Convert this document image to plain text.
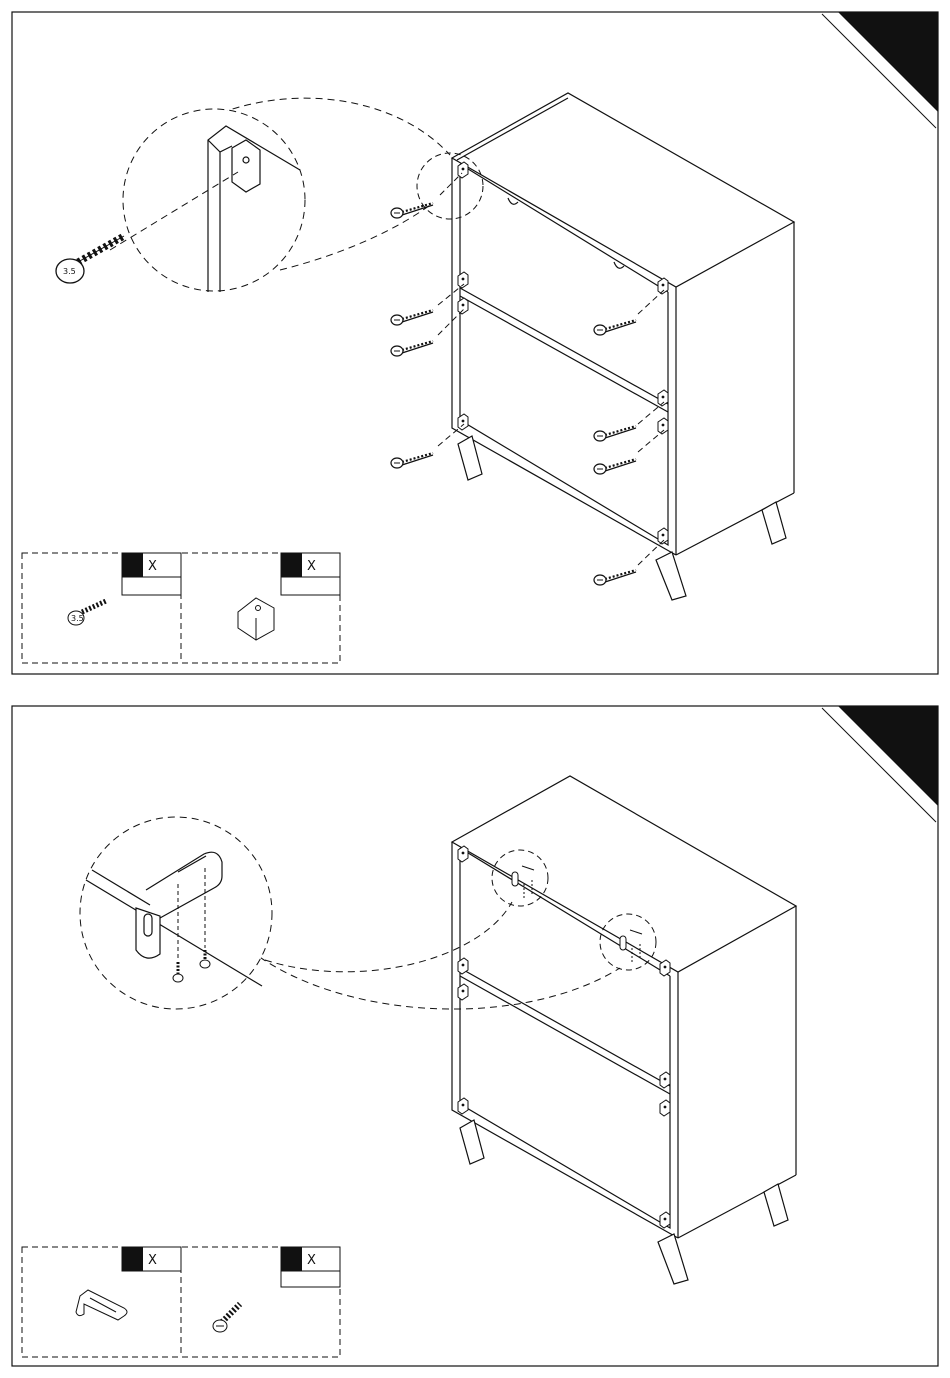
3.5
X
3.5
X
X	X
